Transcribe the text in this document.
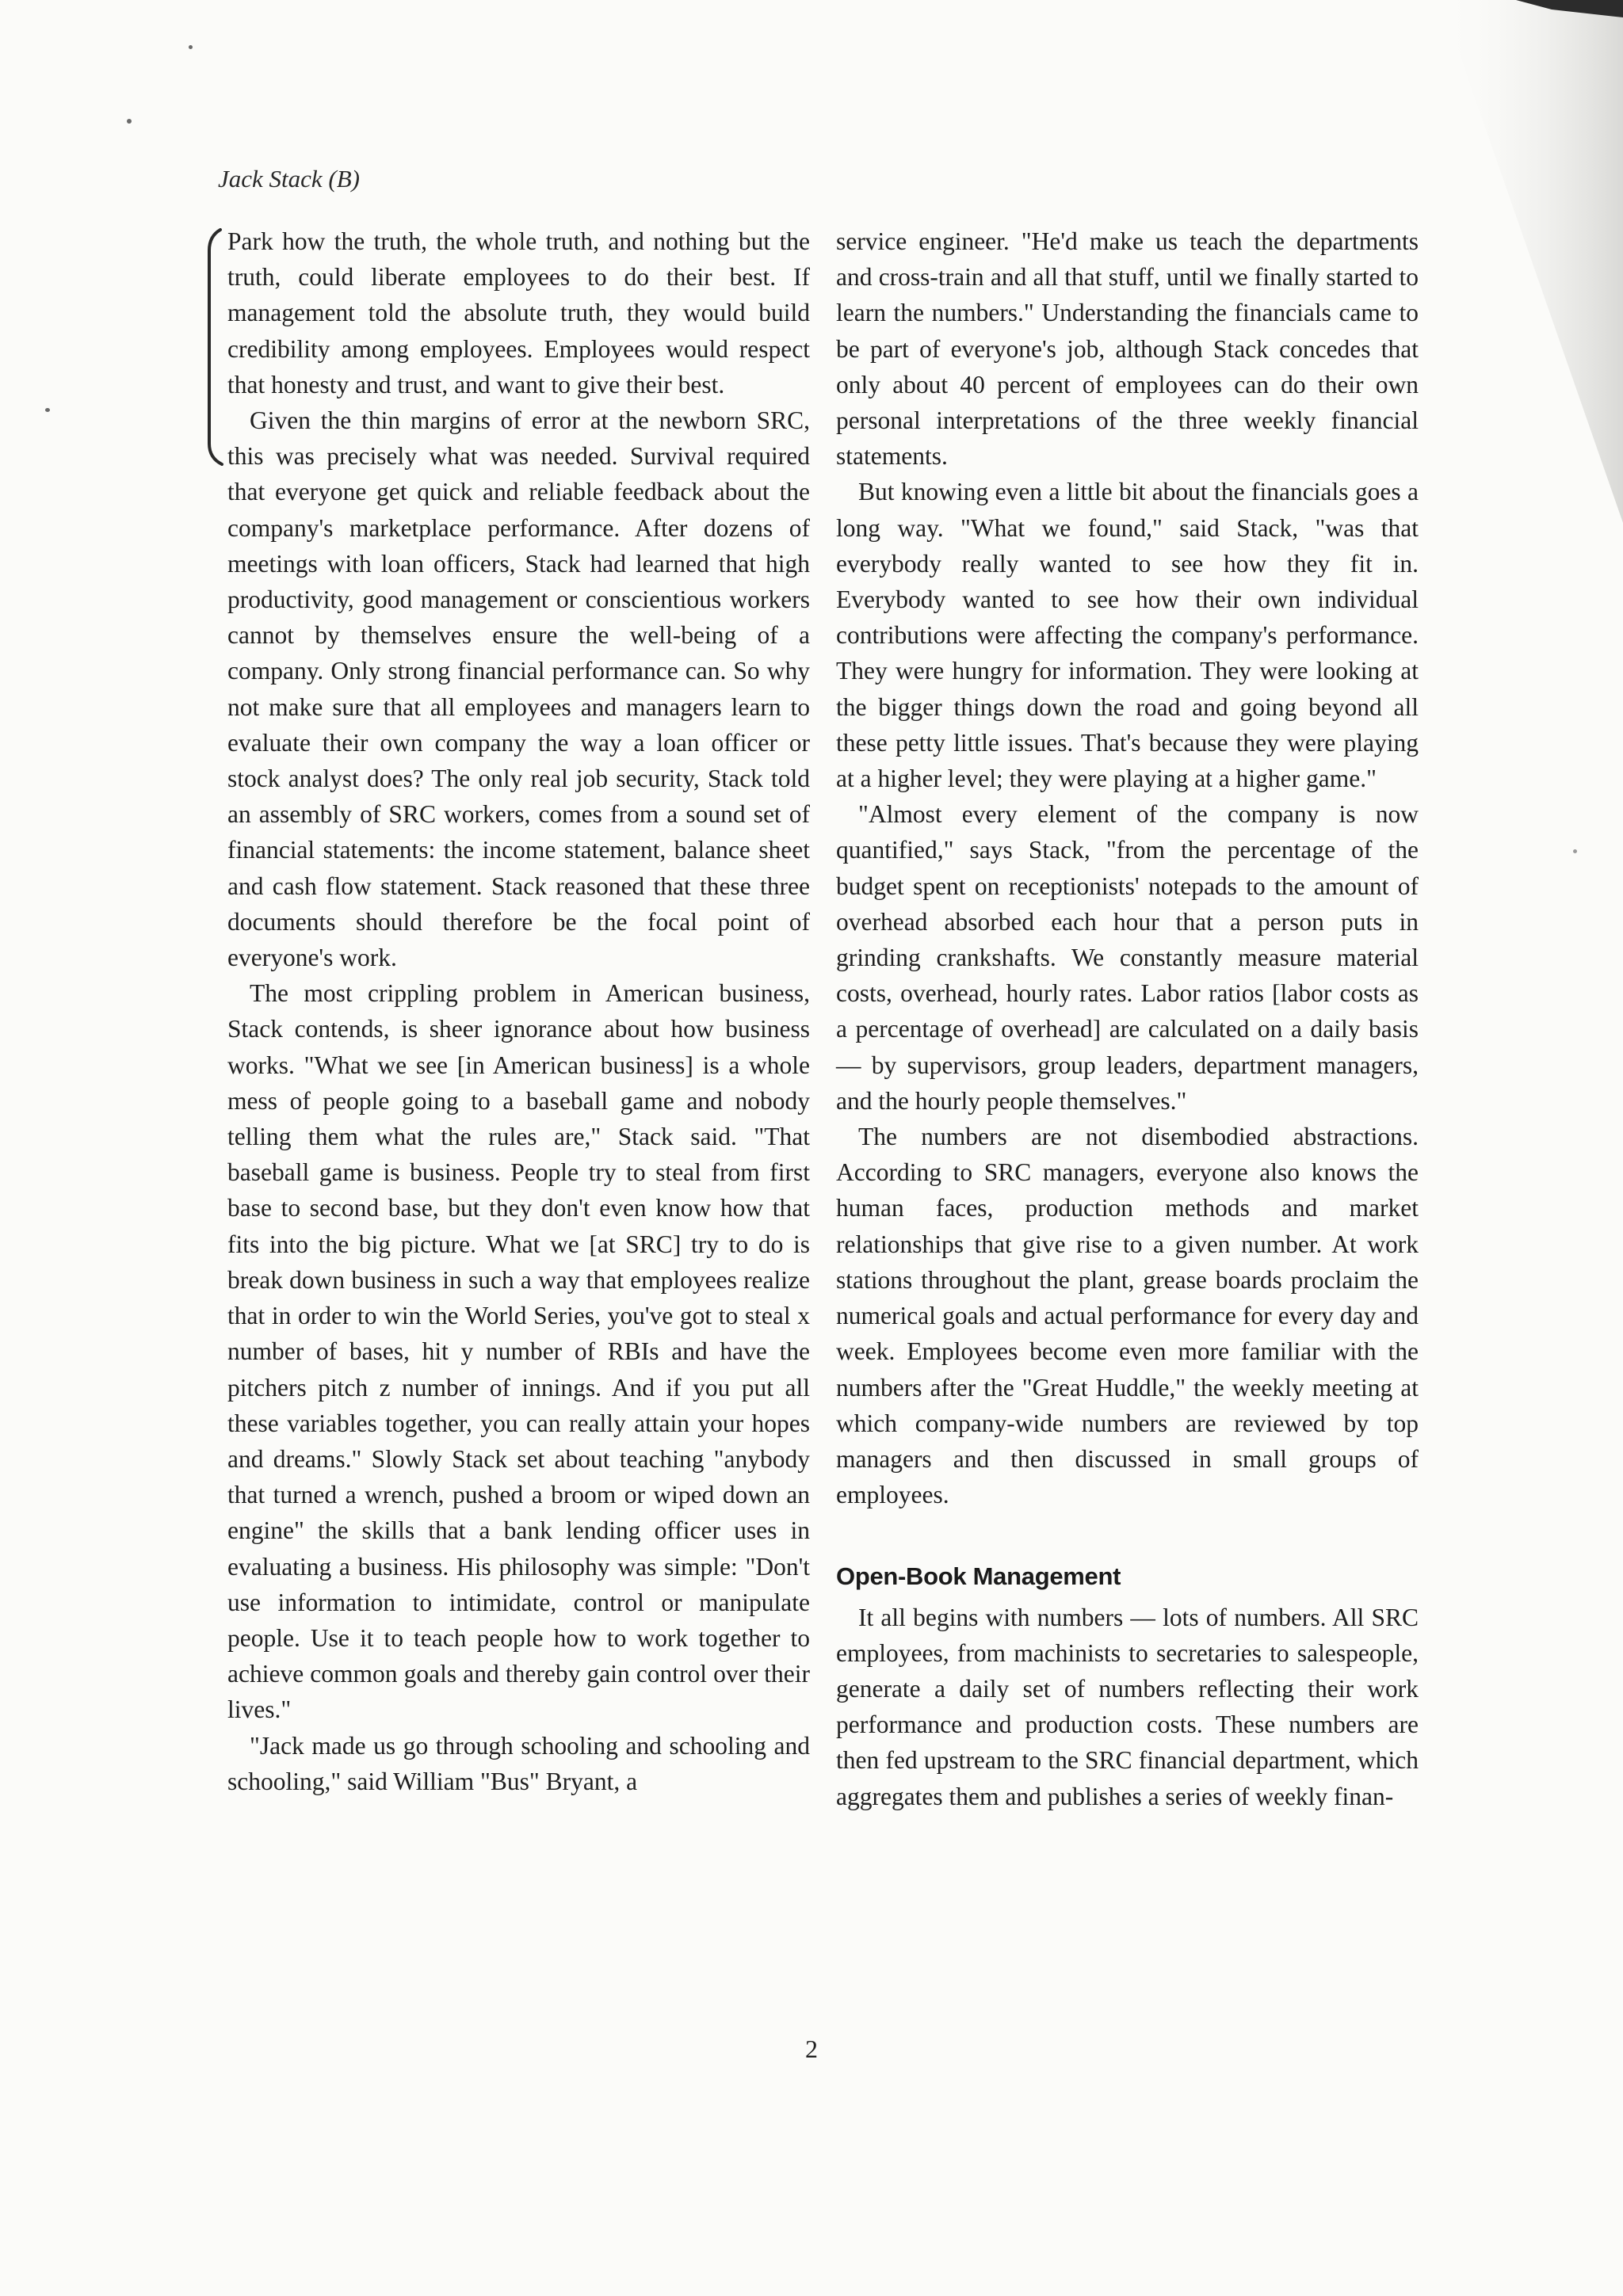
Jack Stack (B)

Park how the truth, the whole truth, and nothing but the truth, could liberate employees to do their best. If management told the absolute truth, they would build credibility among employees. Employees would respect that honesty and trust, and want to give their best.

Given the thin margins of error at the newborn SRC, this was precisely what was needed. Survival required that everyone get quick and reliable feedback about the company's marketplace performance. After dozens of meetings with loan officers, Stack had learned that high productivity, good management or conscientious workers cannot by themselves ensure the well-being of a company. Only strong financial performance can. So why not make sure that all employees and managers learn to evaluate their own company the way a loan officer or stock analyst does? The only real job security, Stack told an assembly of SRC workers, comes from a sound set of financial statements: the income statement, balance sheet and cash flow statement. Stack reasoned that these three documents should therefore be the focal point of everyone's work.

The most crippling problem in American business, Stack contends, is sheer ignorance about how business works. "What we see [in American business] is a whole mess of people going to a baseball game and nobody telling them what the rules are," Stack said. "That baseball game is business. People try to steal from first base to second base, but they don't even know how that fits into the big picture. What we [at SRC] try to do is break down business in such a way that employees realize that in order to win the World Series, you've got to steal x number of bases, hit y number of RBIs and have the pitchers pitch z number of innings. And if you put all these variables together, you can really attain your hopes and dreams." Slowly Stack set about teaching "anybody that turned a wrench, pushed a broom or wiped down an engine" the skills that a bank lending officer uses in evaluating a business. His philosophy was simple: "Don't use information to intimidate, control or manipulate people. Use it to teach people how to work together to achieve common goals and thereby gain control over their lives."

"Jack made us go through schooling and schooling and schooling," said William "Bus" Bryant, a

service engineer. "He'd make us teach the departments and cross-train and all that stuff, until we finally started to learn the numbers." Understanding the financials came to be part of everyone's job, although Stack concedes that only about 40 percent of employees can do their own personal interpretations of the three weekly financial statements.

But knowing even a little bit about the financials goes a long way. "What we found," said Stack, "was that everybody really wanted to see how they fit in. Everybody wanted to see how their own individual contributions were affecting the company's performance. They were hungry for information. They were looking at the bigger things down the road and going beyond all these petty little issues. That's because they were playing at a higher level; they were playing at a higher game."

"Almost every element of the company is now quantified," says Stack, "from the percentage of the budget spent on receptionists' notepads to the amount of overhead absorbed each hour that a person puts in grinding crankshafts. We constantly measure material costs, overhead, hourly rates. Labor ratios [labor costs as a percentage of overhead] are calculated on a daily basis — by supervisors, group leaders, department managers, and the hourly people themselves."

The numbers are not disembodied abstractions. According to SRC managers, everyone also knows the human faces, production methods and market relationships that give rise to a given number. At work stations throughout the plant, grease boards proclaim the numerical goals and actual performance for every day and week. Employees become even more familiar with the numbers after the "Great Huddle," the weekly meeting at which company-wide numbers are reviewed by top managers and then discussed in small groups of employees.

Open-Book Management

It all begins with numbers — lots of numbers. All SRC employees, from machinists to secretaries to salespeople, generate a daily set of numbers reflecting their work performance and production costs. These numbers are then fed upstream to the SRC financial department, which aggregates them and publishes a series of weekly finan-

2
